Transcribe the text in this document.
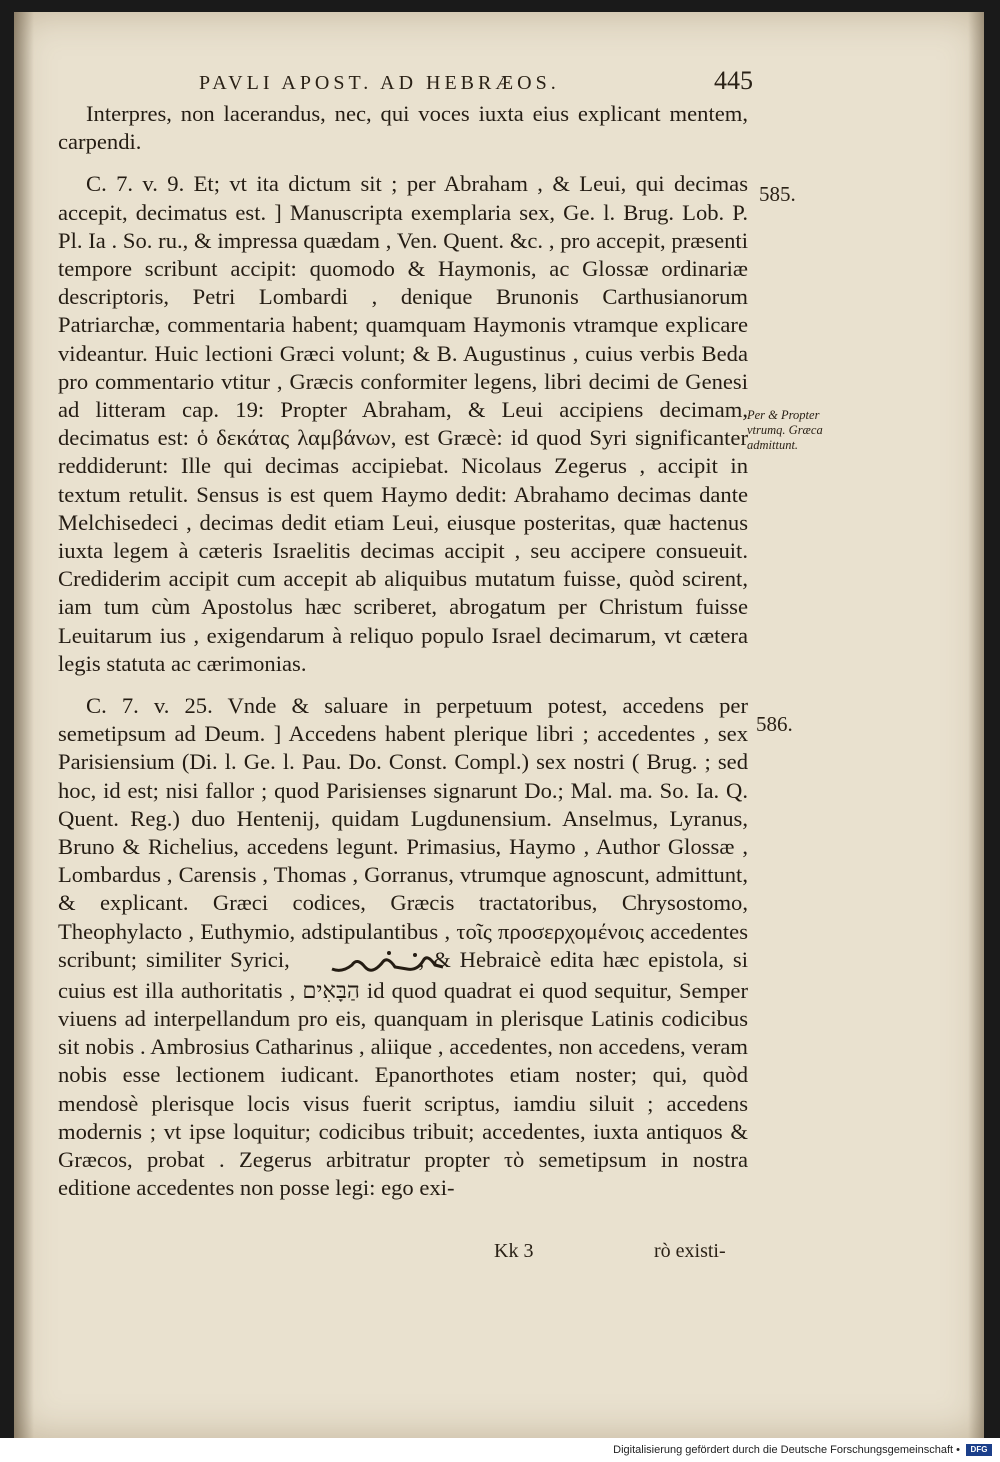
PAVLI APOST. AD HEBRÆOS.	445

Interpres, non lacerandus, nec, qui voces iuxta eius explicant mentem, carpendi.

C. 7. v. 9. Et; vt ita dictum sit ; per Abraham , & Leui, qui decimas accepit, decimatus est. ] Manuscripta exemplaria sex, Ge. l. Brug. Lob. P. Pl. Ia . So. ru., & impressa quædam , Ven. Quent. &c. , pro accepit, præsenti tempore scribunt accipit: quomodo & Haymonis, ac Glossæ ordinariæ descriptoris, Petri Lombardi , denique Brunonis Carthusianorum Patriarchæ, commentaria habent; quamquam Haymonis vtramque explicare videantur. Huic lectioni Græci volunt; & B. Augustinus , cuius verbis Beda pro commentario vtitur , Græcis conformiter legens, libri decimi de Genesi ad litteram cap. 19: Propter Abraham, & Leui accipiens decimam, decimatus est: ὁ δεκάτας λαμβάνων, est Græcè: id quod Syri significanter reddiderunt: Ille qui decimas accipiebat. Nicolaus Zegerus , accipit in textum retulit. Sensus is est quem Haymo dedit: Abrahamo decimas dante Melchisedeci , decimas dedit etiam Leui, eiusque posteritas, quæ hactenus iuxta legem à cæteris Israelitis decimas accipit , seu accipere consueuit. Crediderim accipit cum accepit ab aliquibus mutatum fuisse, quòd scirent, iam tum cùm Apostolus hæc scriberet, abrogatum per Christum fuisse Leuitarum ius , exigendarum à reliquo populo Israel decimarum, vt cætera legis statuta ac cærimonias.

C. 7. v. 25. Vnde & saluare in perpetuum potest, accedens per semetipsum ad Deum. ] Accedens habent plerique libri ; accedentes , sex Parisiensium (Di. l. Ge. l. Pau. Do. Const. Compl.) sex nostri ( Brug. ; sed hoc, id est; nisi fallor ; quod Parisienses signarunt Do.; Mal. ma. So. Ia. Q. Quent. Reg.) duo Hentenij, quidam Lugdunensium. Anselmus, Lyranus, Bruno & Richelius, accedens legunt. Primasius, Haymo , Author Glossæ , Lombardus , Carensis , Thomas , Gorranus, vtrumque agnoscunt, admittunt, & explicant. Græci codices, Græcis tractatoribus, Chrysostomo, Theophylacto , Euthymio, adstipulantibus , τοῖς προσερχομένοις accedentes scribunt; similiter Syrici,	, & Hebraicè edita hæc epistola, si cuius est illa authoritatis , הַבָּאִים id quod quadrat ei quod sequitur, Semper viuens ad interpellandum pro eis, quanquam in plerisque Latinis codicibus sit nobis . Ambrosius Catharinus , aliique , accedentes, non accedens, veram nobis esse lectionem iudicant. Epanorthotes etiam noster; qui, quòd mendosè plerisque locis visus fuerit scriptus, iamdiu siluit ; accedens modernis ; vt ipse loquitur; codicibus tribuit; accedentes, iuxta antiquos & Græcos, probat . Zegerus arbitratur propter τὸ semetipsum in nostra editione accedentes non posse legi: ego exi-

585.
586.
Per & Propter vtrumq. Græca admittunt.
Kk 3	rò existi-
Digitalisierung gefördert durch die Deutsche Forschungsgemeinschaft •	DFG
